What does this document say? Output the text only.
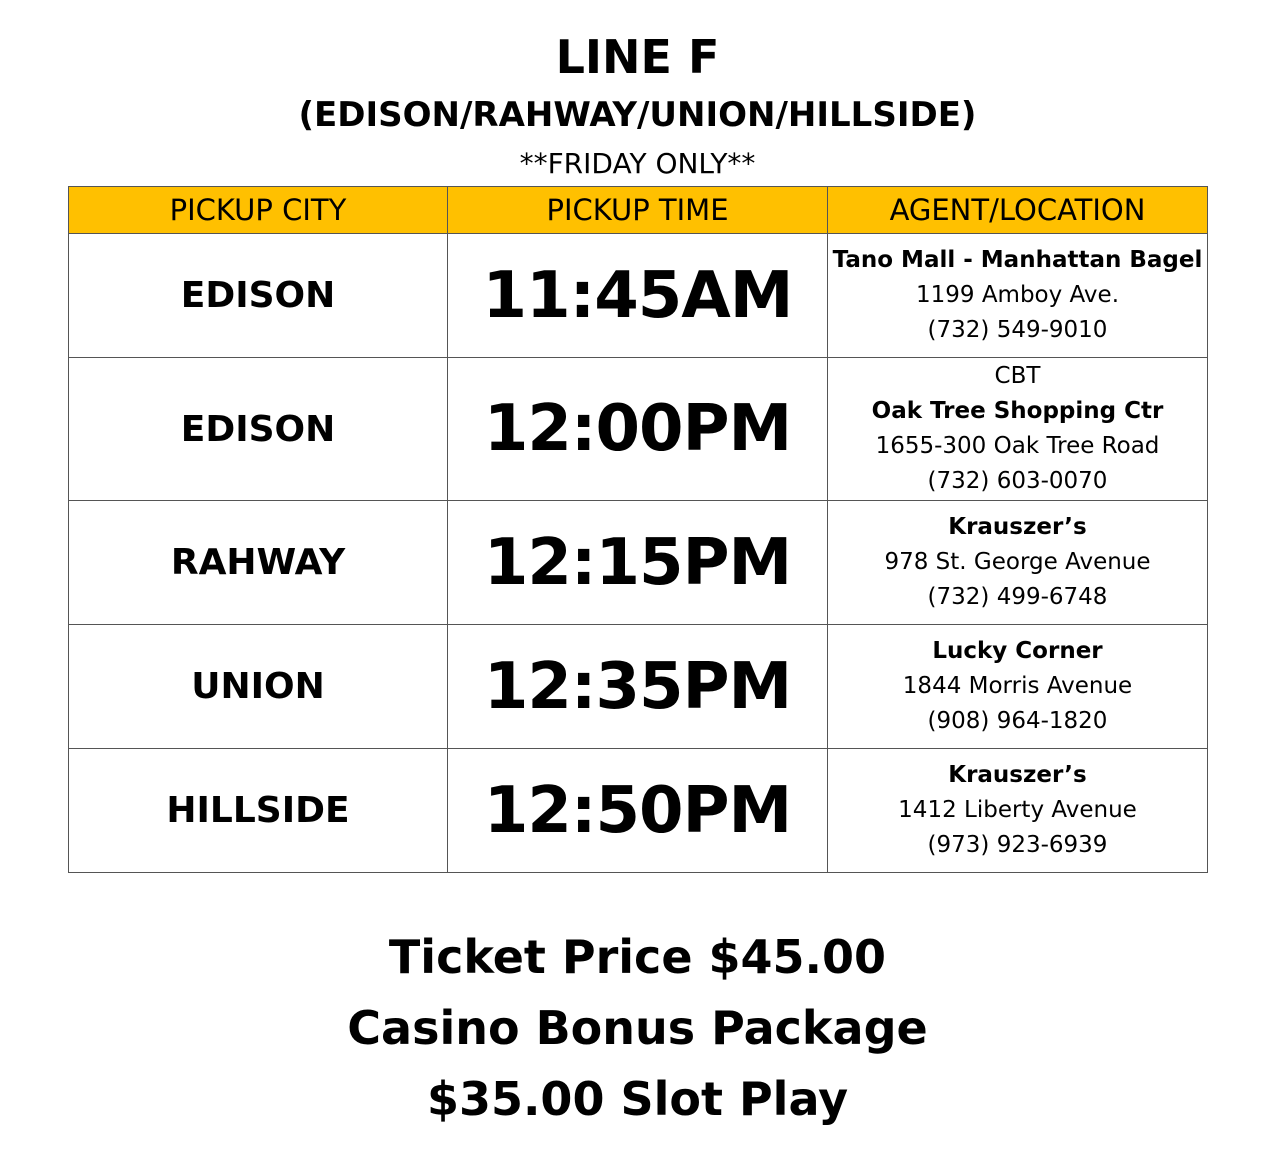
LINE F
(EDISON/RAHWAY/UNION/HILLSIDE)
**FRIDAY ONLY**
PICKUP CITY	PICKUP TIME	AGENT/LOCATION
EDISON	11:45AM	Tano Mall - Manhattan Bagel
1199 Amboy Ave.
(732) 549-9010

EDISON	12:00PM	CBT
Oak Tree Shopping Ctr
1655-300 Oak Tree Road
(732) 603-0070

RAHWAY	12:15PM	Krauszer’s
978 St. George Avenue
(732) 499-6748

UNION	12:35PM	Lucky Corner
1844 Morris Avenue
(908) 964-1820

HILLSIDE	12:50PM	Krauszer’s
1412 Liberty Avenue
(973) 923-6939
Ticket Price $45.00
Casino Bonus Package
$35.00 Slot Play
